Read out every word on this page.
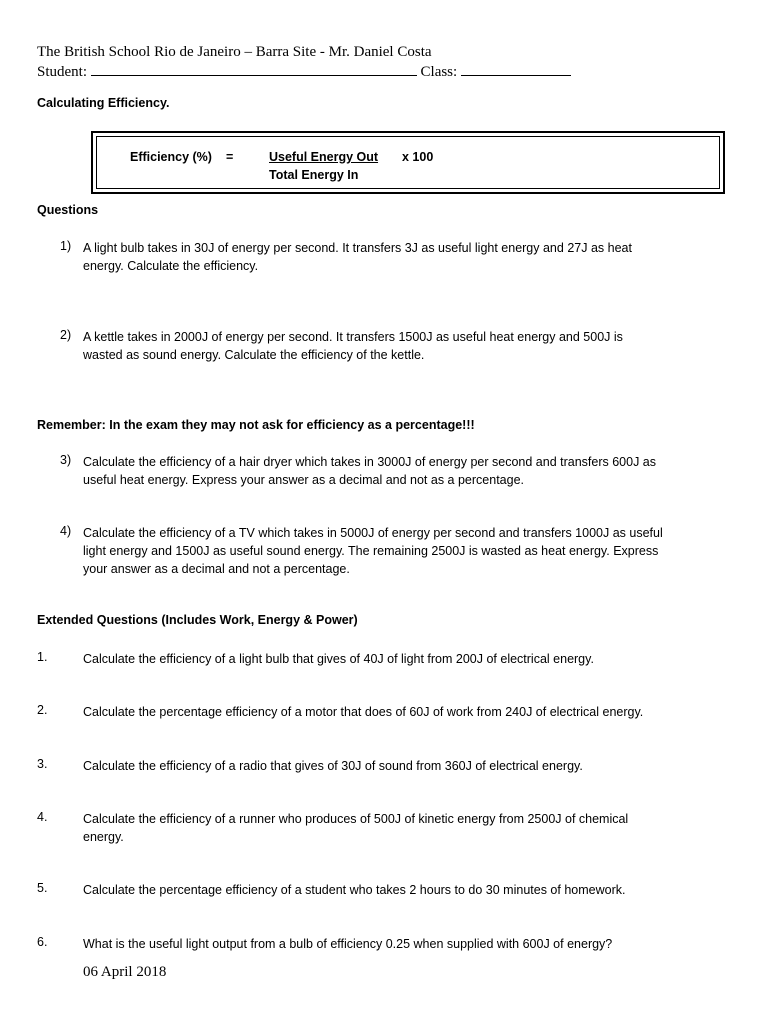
The British School Rio de Janeiro – Barra Site - Mr. Daniel Costa
Student:	Class:
Calculating Efficiency.
Efficiency (%) =	Useful Energy Out x 100
Total Energy In
Questions
1) A light bulb takes in 30J of energy per second. It transfers 3J as useful light energy and 27J as heat
energy. Calculate the efficiency.
2) A kettle takes in 2000J of energy per second. It transfers 1500J as useful heat energy and 500J is
wasted as sound energy. Calculate the efficiency of the kettle.
Remember: In the exam they may not ask for efficiency as a percentage!!!
3) Calculate the efficiency of a hair dryer which takes in 3000J of energy per second and transfers 600J as
useful heat energy. Express your answer as a decimal and not as a percentage.
4) Calculate the efficiency of a TV which takes in 5000J of energy per second and transfers 1000J as useful
light energy and 1500J as useful sound energy. The remaining 2500J is wasted as heat energy. Express
your answer as a decimal and not a percentage.
Extended Questions (Includes Work, Energy & Power)
1.	Calculate the efficiency of a light bulb that gives of 40J of light from 200J of electrical energy.
2.	Calculate the percentage efficiency of a motor that does of 60J of work from 240J of electrical energy.
3.	Calculate the efficiency of a radio that gives of 30J of sound from 360J of electrical energy.
4.	Calculate the efficiency of a runner who produces of 500J of kinetic energy from 2500J of chemical
energy.
5.	Calculate the percentage efficiency of a student who takes 2 hours to do 30 minutes of homework.
6.	What is the useful light output from a bulb of efficiency 0.25 when supplied with 600J of energy?
06 April 2018
